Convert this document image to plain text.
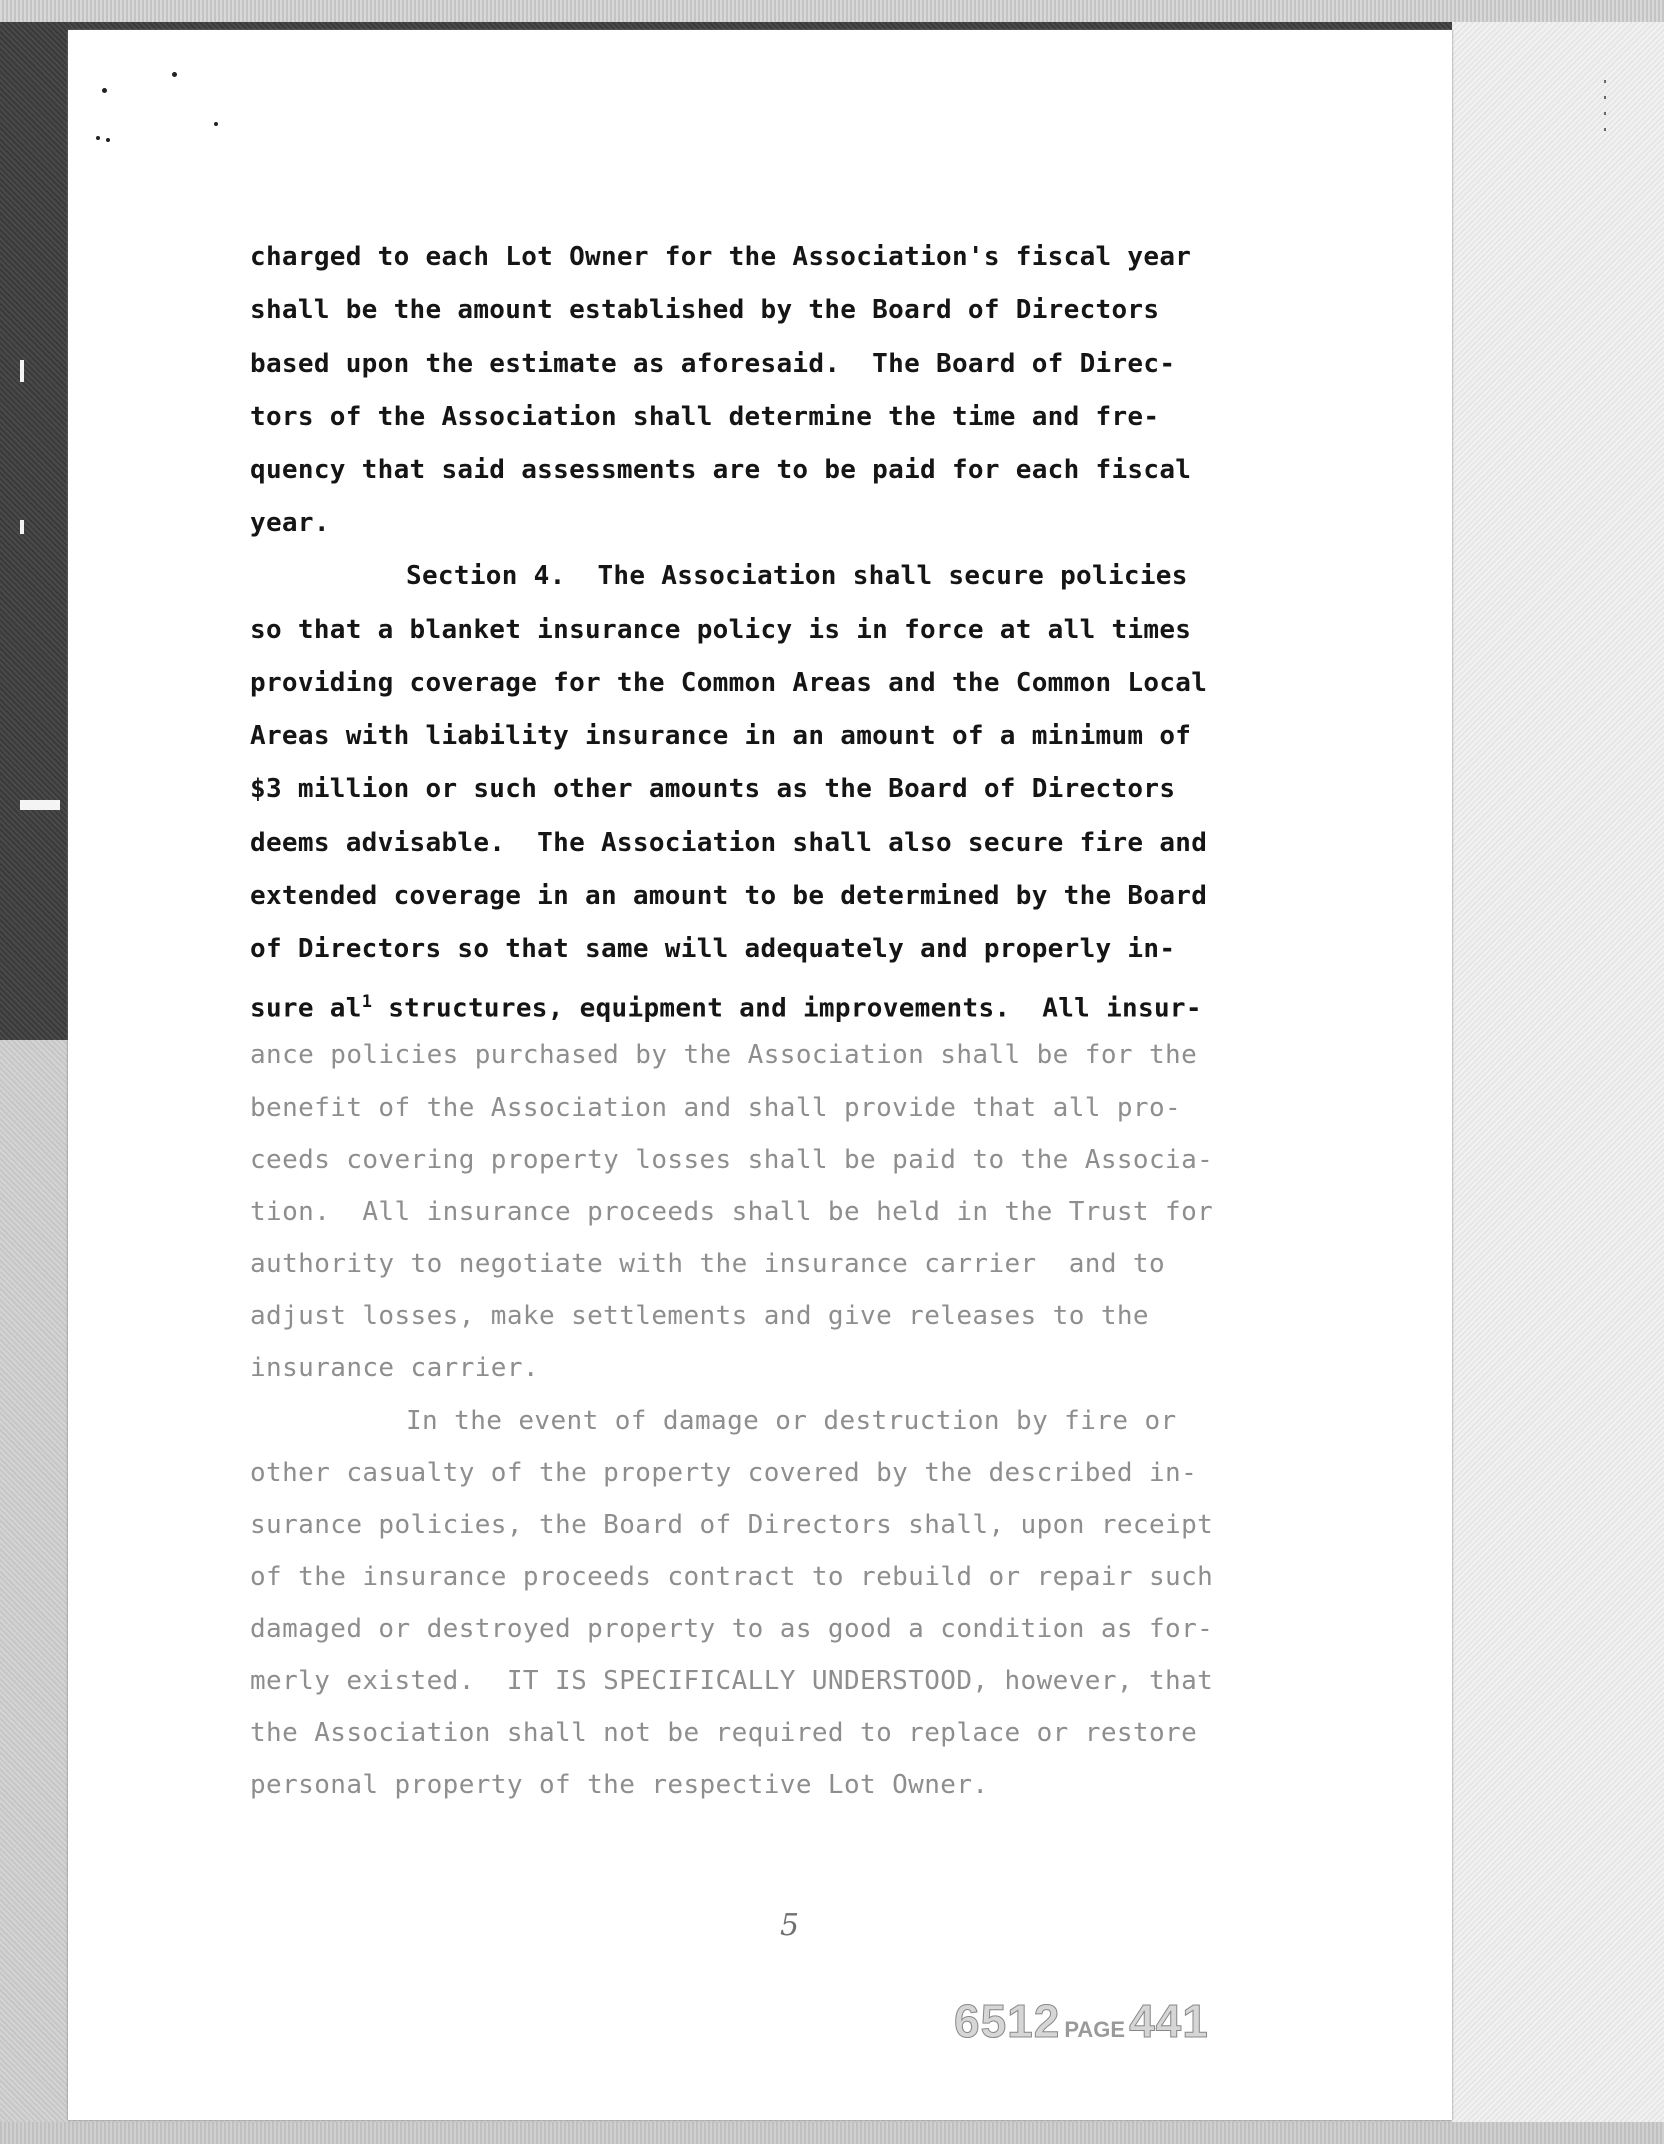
charged to each Lot Owner for the Association's fiscal year
shall be the amount established by the Board of Directors
based upon the estimate as aforesaid.  The Board of Direc-
tors of the Association shall determine the time and fre-
quency that said assessments are to be paid for each fiscal
year.
Section 4.  The Association shall secure policies
so that a blanket insurance policy is in force at all times
providing coverage for the Common Areas and the Common Local
Areas with liability insurance in an amount of a minimum of
$3 million or such other amounts as the Board of Directors
deems advisable.  The Association shall also secure fire and
extended coverage in an amount to be determined by the Board
of Directors so that same will adequately and properly in-
sure $al^1$ structures, equipment and improvements.  All insur-
ance policies purchased by the Association shall be for the
benefit of the Association and shall provide that all pro-
ceeds covering property losses shall be paid to the Associa-
tion.  All insurance proceeds shall be held in the Trust for
authority to negotiate with the insurance carrier  and to
adjust losses, make settlements and give releases to the
insurance carrier.
In the event of damage or destruction by fire or
other casualty of the property covered by the described in-
surance policies, the Board of Directors shall, upon receipt
of the insurance proceeds contract to rebuild or repair such
damaged or destroyed property to as good a condition as for-
merly existed.  IT IS SPECIFICALLY UNDERSTOOD, however, that
the Association shall not be required to replace or restore
personal property of the respective Lot Owner.
5
6512 PAGE441
